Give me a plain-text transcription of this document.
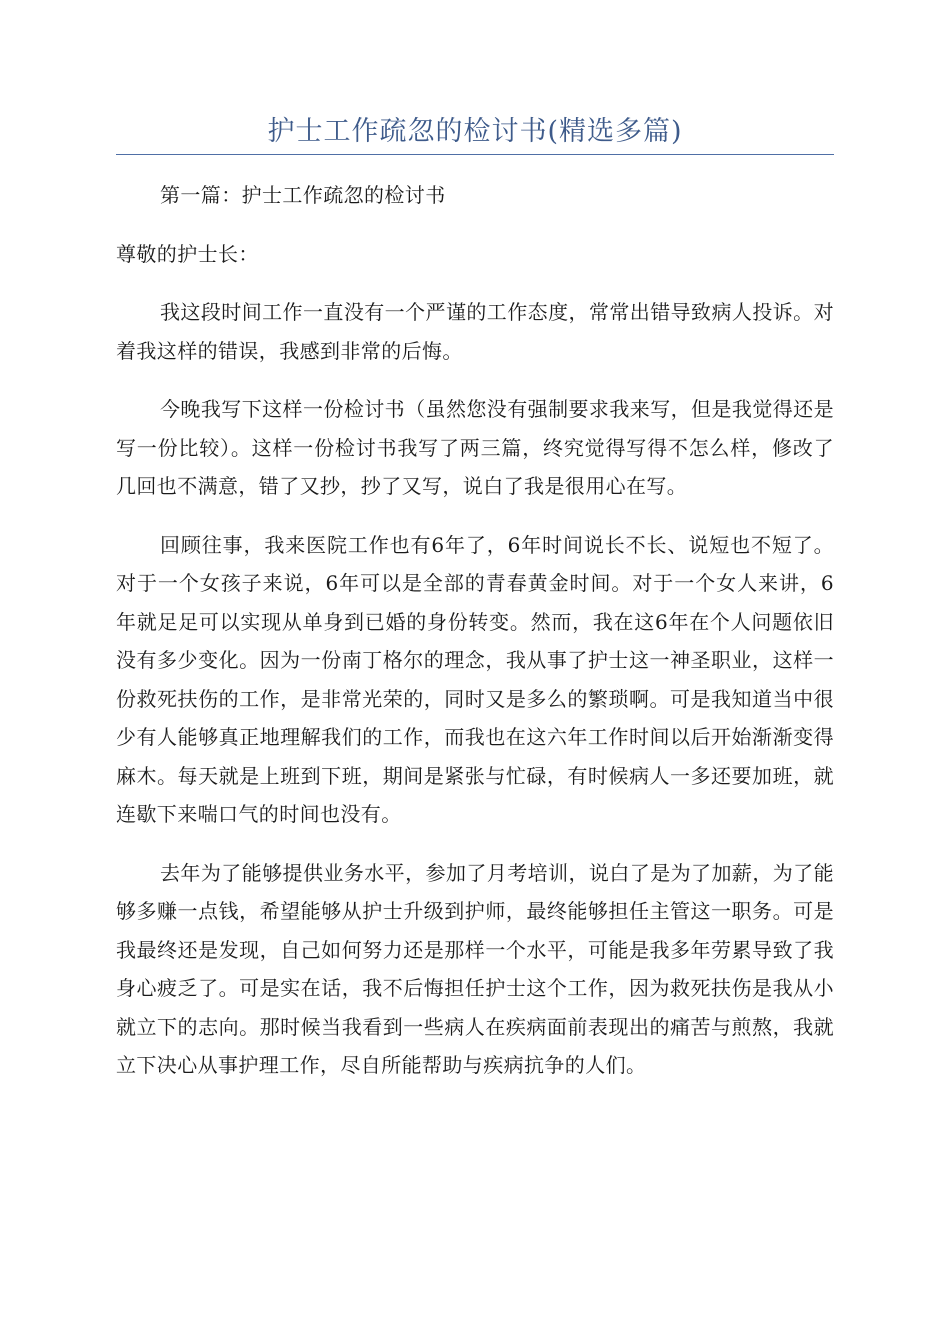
护士工作疏忽的检讨书(精选多篇)

第一篇：护士工作疏忽的检讨书

尊敬的护士长：

我这段时间工作一直没有一个严谨的工作态度，常常出错导致病人投诉。对着我这样的错误，我感到非常的后悔。

今晚我写下这样一份检讨书（虽然您没有强制要求我来写，但是我觉得还是写一份比较）。这样一份检讨书我写了两三篇，终究觉得写得不怎么样，修改了几回也不满意，错了又抄，抄了又写，说白了我是很用心在写。

回顾往事，我来医院工作也有6年了，6年时间说长不长、说短也不短了。对于一个女孩子来说，6年可以是全部的青春黄金时间。对于一个女人来讲，6年就足足可以实现从单身到已婚的身份转变。然而，我在这6年在个人问题依旧没有多少变化。因为一份南丁格尔的理念，我从事了护士这一神圣职业，这样一份救死扶伤的工作，是非常光荣的，同时又是多么的繁琐啊。可是我知道当中很少有人能够真正地理解我们的工作，而我也在这六年工作时间以后开始渐渐变得麻木。每天就是上班到下班，期间是紧张与忙碌，有时候病人一多还要加班，就连歇下来喘口气的时间也没有。

去年为了能够提供业务水平，参加了月考培训，说白了是为了加薪，为了能够多赚一点钱，希望能够从护士升级到护师，最终能够担任主管这一职务。可是我最终还是发现，自己如何努力还是那样一个水平，可能是我多年劳累导致了我身心疲乏了。可是实在话，我不后悔担任护士这个工作，因为救死扶伤是我从小就立下的志向。那时候当我看到一些病人在疾病面前表现出的痛苦与煎熬，我就立下决心从事护理工作，尽自所能帮助与疾病抗争的人们。
